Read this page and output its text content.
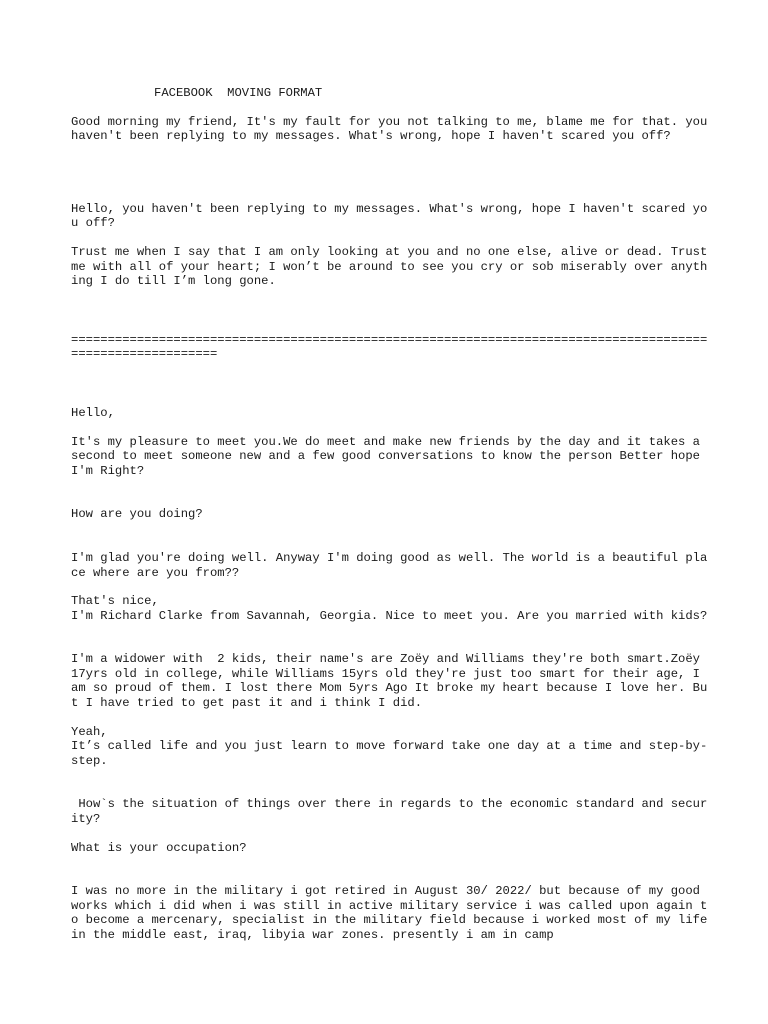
FACEBOOK  MOVING FORMAT

Good morning my friend, It's my fault for you not talking to me, blame me for that. you haven't been replying to my messages. What's wrong, hope I haven't scared you off?

Hello, you haven't been replying to my messages. What's wrong, hope I haven't scared you off?

Trust me when I say that I am only looking at you and no one else, alive or dead. Trust me with all of your heart; I won’t be around to see you cry or sob miserably over anything I do till I’m long gone.

===========================================================================================================

Hello,

It's my pleasure to meet you.We do meet and make new friends by the day and it takes a second to meet someone new and a few good conversations to know the person Better hope I'm Right?

How are you doing?

I'm glad you're doing well. Anyway I'm doing good as well. The world is a beautiful place where are you from??

That's nice,
I'm Richard Clarke from Savannah, Georgia. Nice to meet you. Are you married with kids?

I'm a widower with  2 kids, their name's are Zoëy and Williams they're both smart.Zoëy 17yrs old in college, while Williams 15yrs old they're just too smart for their age, I am so proud of them. I lost there Mom 5yrs Ago It broke my heart because I love her. But I have tried to get past it and i think I did.

Yeah,
It’s called life and you just learn to move forward take one day at a time and step-by-step.

How`s the situation of things over there in regards to the economic standard and security?

What is your occupation?

I was no more in the military i got retired in August 30/ 2022/ but because of my good works which i did when i was still in active military service i was called upon again to become a mercenary, specialist in the military field because i worked most of my life in the middle east, iraq, libyia war zones. presently i am in camp
